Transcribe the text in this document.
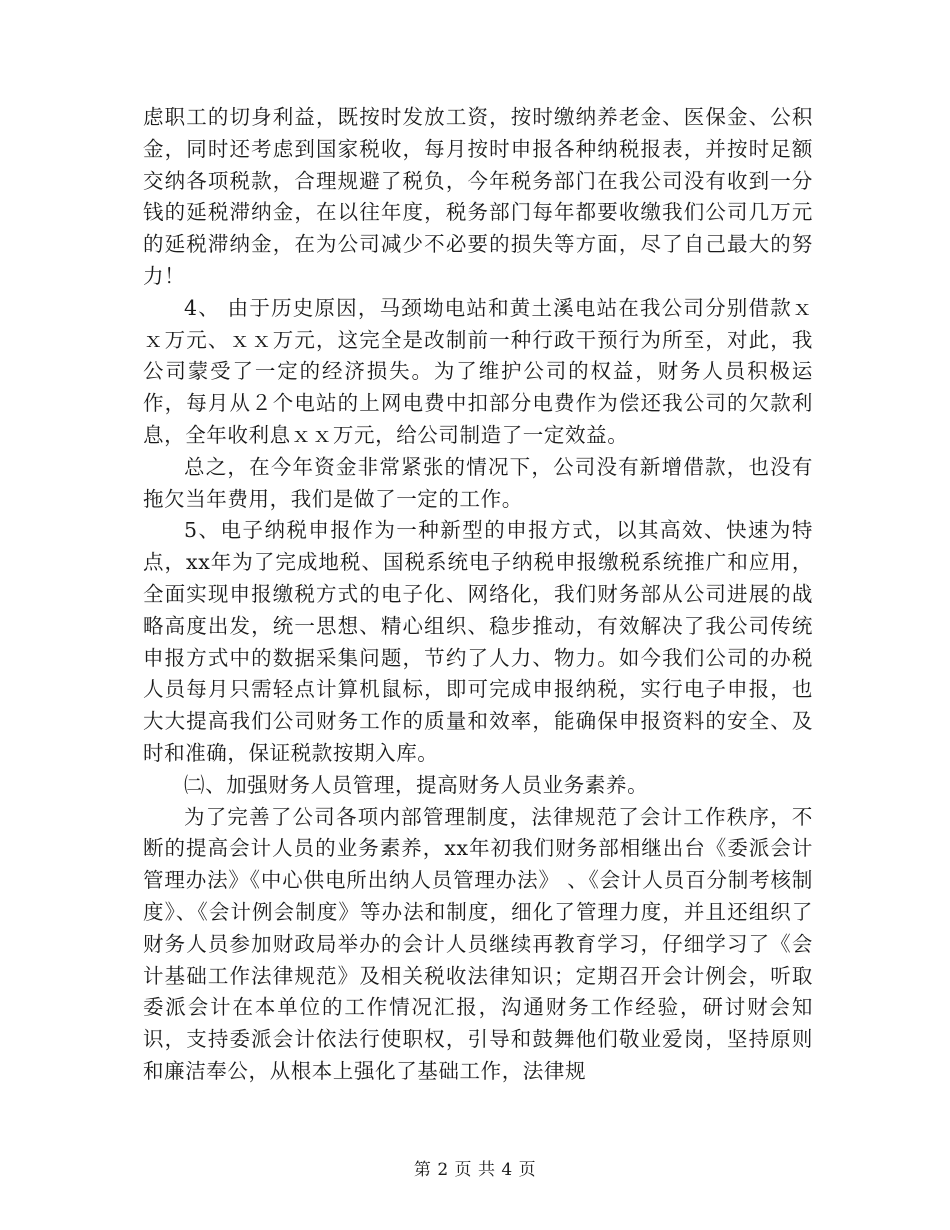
虑职工的切身利益，既按时发放工资，按时缴纳养老金、医保金、公积金，同时还考虑到国家税收，每月按时申报各种纳税报表，并按时足额交纳各项税款，合理规避了税负，今年税务部门在我公司没有收到一分钱的延税滞纳金，在以往年度，税务部门每年都要收缴我们公司几万元的延税滞纳金，在为公司减少不必要的损失等方面，尽了自己最大的努力！

4、 由于历史原因，马颈坳电站和黄土溪电站在我公司分别借款ｘｘ万元、ｘｘ万元，这完全是改制前一种行政干预行为所至，对此，我公司蒙受了一定的经济损失。为了维护公司的权益，财务人员积极运作，每月从２个电站的上网电费中扣部分电费作为偿还我公司的欠款利息，全年收利息ｘｘ万元，给公司制造了一定效益。

总之，在今年资金非常紧张的情况下，公司没有新增借款，也没有拖欠当年费用，我们是做了一定的工作。

5、电子纳税申报作为一种新型的申报方式，以其高效、快速为特点，xx年为了完成地税、国税系统电子纳税申报缴税系统推广和应用，全面实现申报缴税方式的电子化、网络化，我们财务部从公司进展的战略高度出发，统一思想、精心组织、稳步推动，有效解决了我公司传统申报方式中的数据采集问题，节约了人力、物力。如今我们公司的办税人员每月只需轻点计算机鼠标，即可完成申报纳税，实行电子申报，也大大提高我们公司财务工作的质量和效率，能确保申报资料的安全、及时和准确，保证税款按期入库。

㈡、加强财务人员管理，提高财务人员业务素养。

为了完善了公司各项内部管理制度，法律规范了会计工作秩序，不断的提高会计人员的业务素养，xx年初我们财务部相继出台《委派会计管理办法》《中心供电所出纳人员管理办法》 、《会计人员百分制考核制度》、《会计例会制度》等办法和制度，细化了管理力度，并且还组织了财务人员参加财政局举办的会计人员继续再教育学习，仔细学习了《会计基础工作法律规范》及相关税收法律知识；定期召开会计例会，听取委派会计在本单位的工作情况汇报，沟通财务工作经验，研讨财会知识，支持委派会计依法行使职权，引导和鼓舞他们敬业爱岗，坚持原则和廉洁奉公，从根本上强化了基础工作，法律规

第 2 页 共 4 页
